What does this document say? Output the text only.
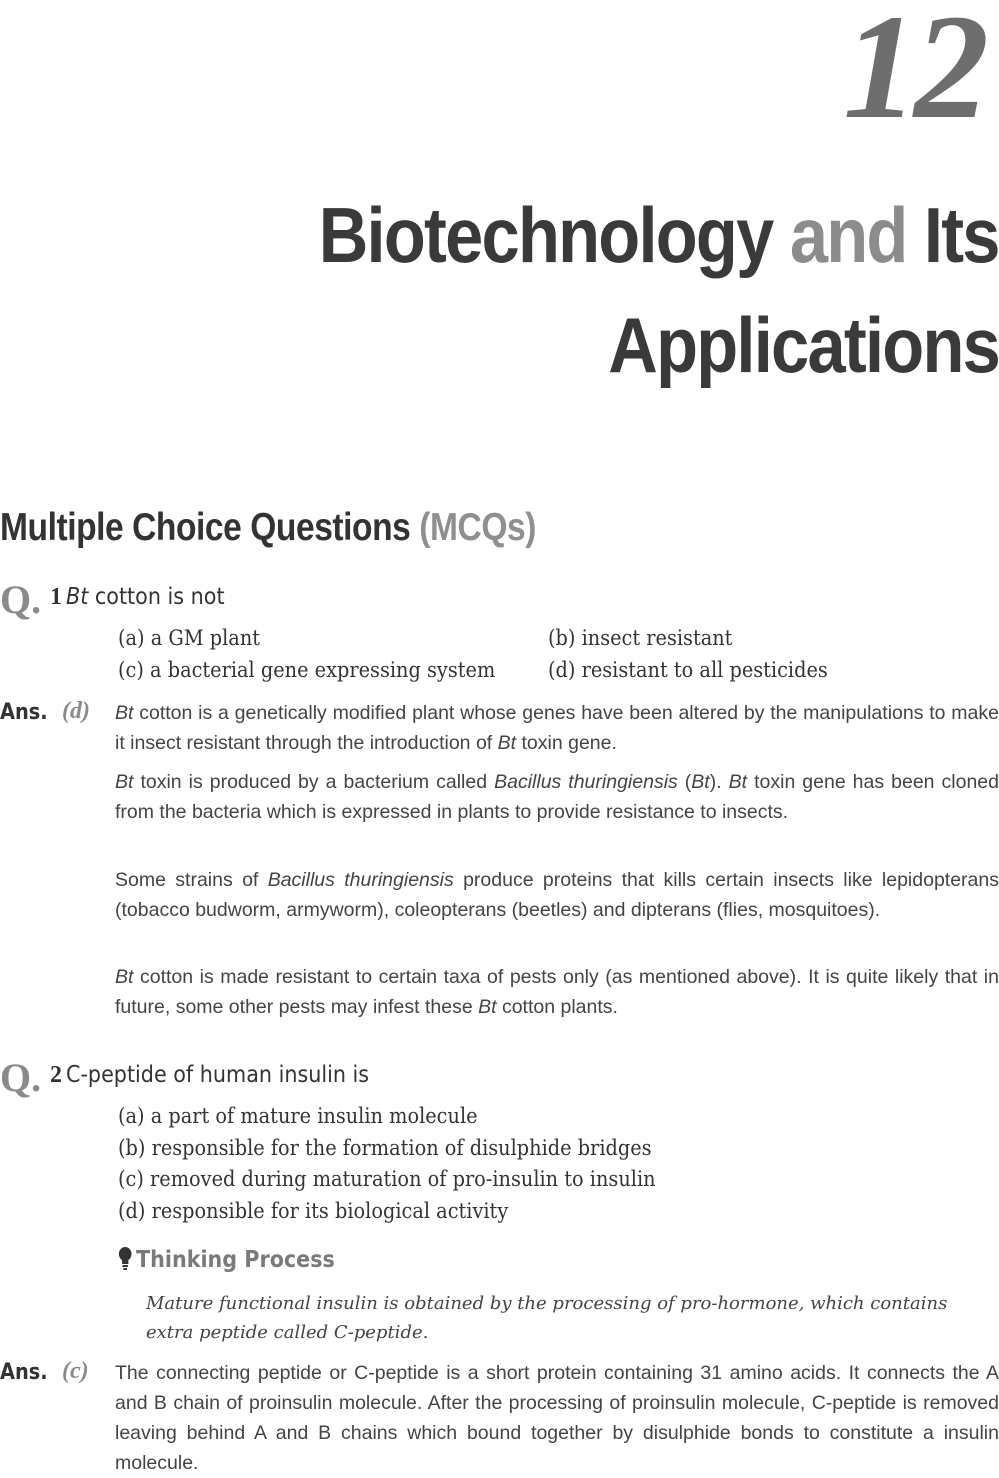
12
Biotechnology and Its
Applications
Multiple Choice Questions (MCQs)
Q. 1 Bt cotton is not
(a) a GM plant	(b) insect resistant
(c) a bacterial gene expressing system	(d) resistant to all pesticides
Ans. (d) Bt cotton is a genetically modified plant whose genes have been altered by the manipulations to make it insect resistant through the introduction of Bt toxin gene.

Bt toxin is produced by a bacterium called Bacillus thuringiensis (Bt). Bt toxin gene has been cloned from the bacteria which is expressed in plants to provide resistance to insects.

Some strains of Bacillus thuringiensis produce proteins that kills certain insects like lepidopterans (tobacco budworm, armyworm), coleopterans (beetles) and dipterans (flies, mosquitoes).

Bt cotton is made resistant to certain taxa of pests only (as mentioned above). It is quite likely that in future, some other pests may infest these Bt cotton plants.

Q. 2 C-peptide of human insulin is
(a) a part of mature insulin molecule
(b) responsible for the formation of disulphide bridges
(c) removed during maturation of pro-insulin to insulin
(d) responsible for its biological activity
Thinking Process

Mature functional insulin is obtained by the processing of pro-hormone, which contains extra peptide called C-peptide.

Ans. (c) The connecting peptide or C-peptide is a short protein containing 31 amino acids. It connects the A and B chain of proinsulin molecule. After the processing of proinsulin molecule, C-peptide is removed leaving behind A and B chains which bound together by disulphide bonds to constitute a insulin molecule.
